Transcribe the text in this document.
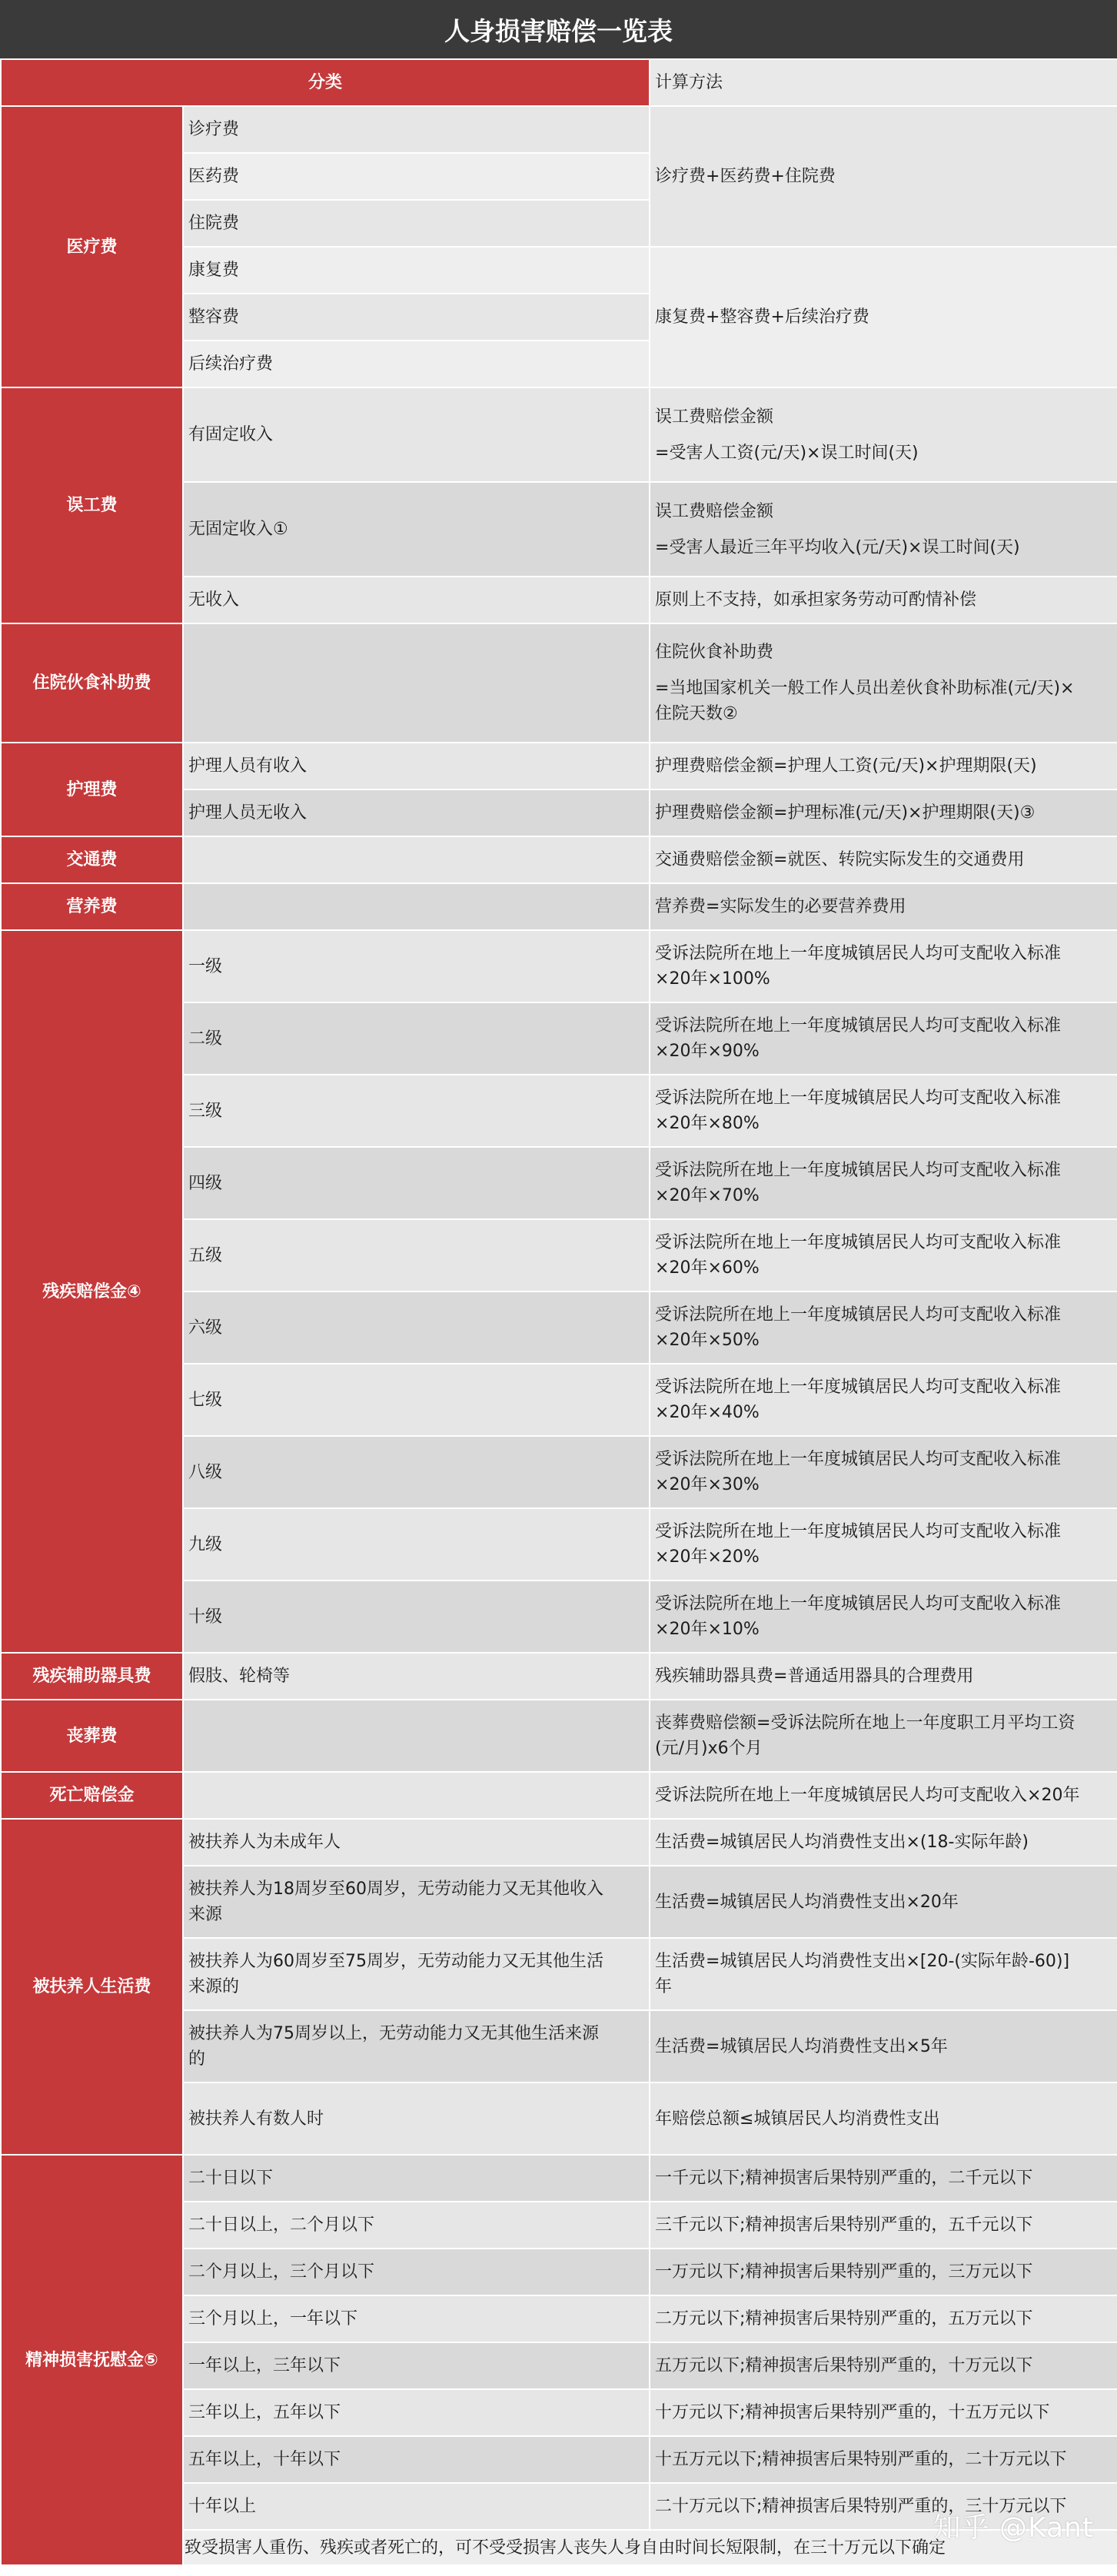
人身损害赔偿一览表
分类		计算方法
医疗费	诊疗费	诊疗费+医药费+住院费
	医药费	
	住院费	
	康复费	康复费+整容费+后续治疗费
	整容费	
	后续治疗费	
误工费	有固定收入	误工费赔偿金额
=受害人工资(元/天)×误工时间(天)
	无固定收入①	误工费赔偿金额
=受害人最近三年平均收入(元/天)×误工时间(天)
	无收入	原则上不支持，如承担家务劳动可酌情补偿
住院伙食补助费		住院伙食补助费
=当地国家机关一般工作人员出差伙食补助标准(元/天)×
住院天数②
护理费	护理人员有收入	护理费赔偿金额=护理人工资(元/天)×护理期限(天)
	护理人员无收入	护理费赔偿金额=护理标准(元/天)×护理期限(天)③
交通费		交通费赔偿金额=就医、转院实际发生的交通费用
营养费		营养费=实际发生的必要营养费用
残疾赔偿金④	一级	受诉法院所在地上一年度城镇居民人均可支配收入标准
×20年×100%
	二级	受诉法院所在地上一年度城镇居民人均可支配收入标准
×20年×90%
	三级	受诉法院所在地上一年度城镇居民人均可支配收入标准
×20年×80%
	四级	受诉法院所在地上一年度城镇居民人均可支配收入标准
×20年×70%
	五级	受诉法院所在地上一年度城镇居民人均可支配收入标准
×20年×60%
	六级	受诉法院所在地上一年度城镇居民人均可支配收入标准
×20年×50%
	七级	受诉法院所在地上一年度城镇居民人均可支配收入标准
×20年×40%
	八级	受诉法院所在地上一年度城镇居民人均可支配收入标准
×20年×30%
	九级	受诉法院所在地上一年度城镇居民人均可支配收入标准
×20年×20%
	十级	受诉法院所在地上一年度城镇居民人均可支配收入标准
×20年×10%
残疾辅助器具费	假肢、轮椅等	残疾辅助器具费=普通适用器具的合理费用
丧葬费		丧葬费赔偿额=受诉法院所在地上一年度职工月平均工资
(元/月)x6个月
死亡赔偿金		受诉法院所在地上一年度城镇居民人均可支配收入×20年
被扶养人生活费	被扶养人为未成年人	生活费=城镇居民人均消费性支出×(18-实际年龄)
	被扶养人为18周岁至60周岁，无劳动能力又无其他收入
来源	生活费=城镇居民人均消费性支出×20年
	被扶养人为60周岁至75周岁，无劳动能力又无其他生活
来源的	生活费=城镇居民人均消费性支出×[20-(实际年龄-60)]
年
	被扶养人为75周岁以上，无劳动能力又无其他生活来源
的	生活费=城镇居民人均消费性支出×5年
	被扶养人有数人时	年赔偿总额≤城镇居民人均消费性支出
精神损害抚慰金⑤	二十日以下	一千元以下;精神损害后果特别严重的，二千元以下
	二十日以上，二个月以下	三千元以下;精神损害后果特别严重的，五千元以下
	二个月以上，三个月以下	一万元以下;精神损害后果特别严重的，三万元以下
	三个月以上，一年以下	二万元以下;精神损害后果特别严重的，五万元以下
	一年以上，三年以下	五万元以下;精神损害后果特别严重的，十万元以下
	三年以上，五年以下	十万元以下;精神损害后果特别严重的，十五万元以下
	五年以上，十年以下	十五万元以下;精神损害后果特别严重的，二十万元以下
	十年以上	二十万元以下;精神损害后果特别严重的，三十万元以下

致受损害人重伤、残疾或者死亡的，可不受受损害人丧失人身自由时间长短限制，在三十万元以下确定
知乎 @Kant
